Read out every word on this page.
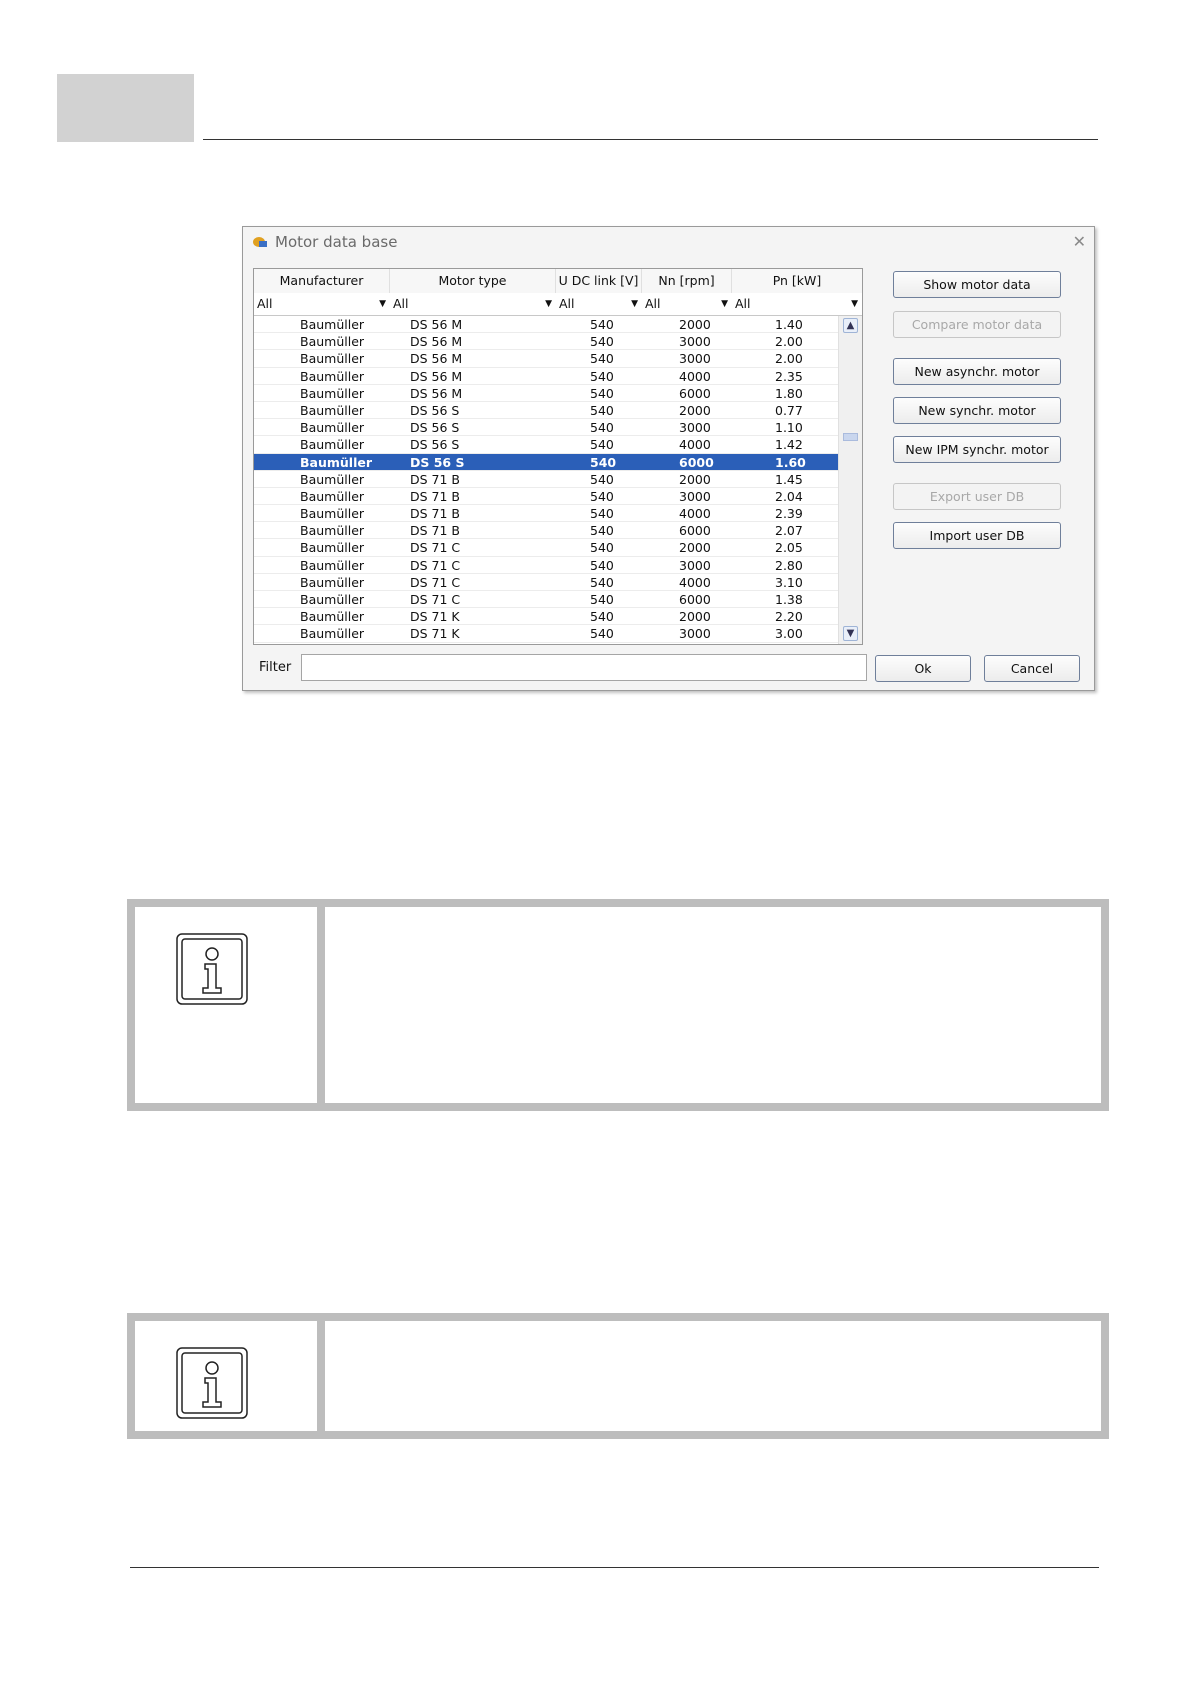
Motor data base	✕
Manufacturer	Motor type	U DC link [V]	Nn [rpm]	Pn [kW]
All	▼ All	▼ All	▼ All	▼ All	▼
Baumüller	DS 56 M	540	2000	1.40
Baumüller	DS 56 M	540	3000	2.00
Baumüller	DS 56 M	540	3000	2.00
Baumüller	DS 56 M	540	4000	2.35
Baumüller	DS 56 M	540	6000	1.80
Baumüller	DS 56 S	540	2000	0.77
Baumüller	DS 56 S	540	3000	1.10
Baumüller	DS 56 S	540	4000	1.42
Baumüller	DS 56 S	540	6000	1.60
Baumüller	DS 71 B	540	2000	1.45
Baumüller	DS 71 B	540	3000	2.04
Baumüller	DS 71 B	540	4000	2.39
Baumüller	DS 71 B	540	6000	2.07
Baumüller	DS 71 C	540	2000	2.05
Baumüller	DS 71 C	540	3000	2.80
Baumüller	DS 71 C	540	4000	3.10
Baumüller	DS 71 C	540	6000	1.38
Baumüller	DS 71 K	540	2000	2.20
Baumüller	DS 71 K	540	3000	3.00
▲
▼
Show motor data
Compare motor data
New asynchr. motor
New synchr. motor
New IPM synchr. motor
Export user DB
Import user DB
Filter	Ok	Cancel
